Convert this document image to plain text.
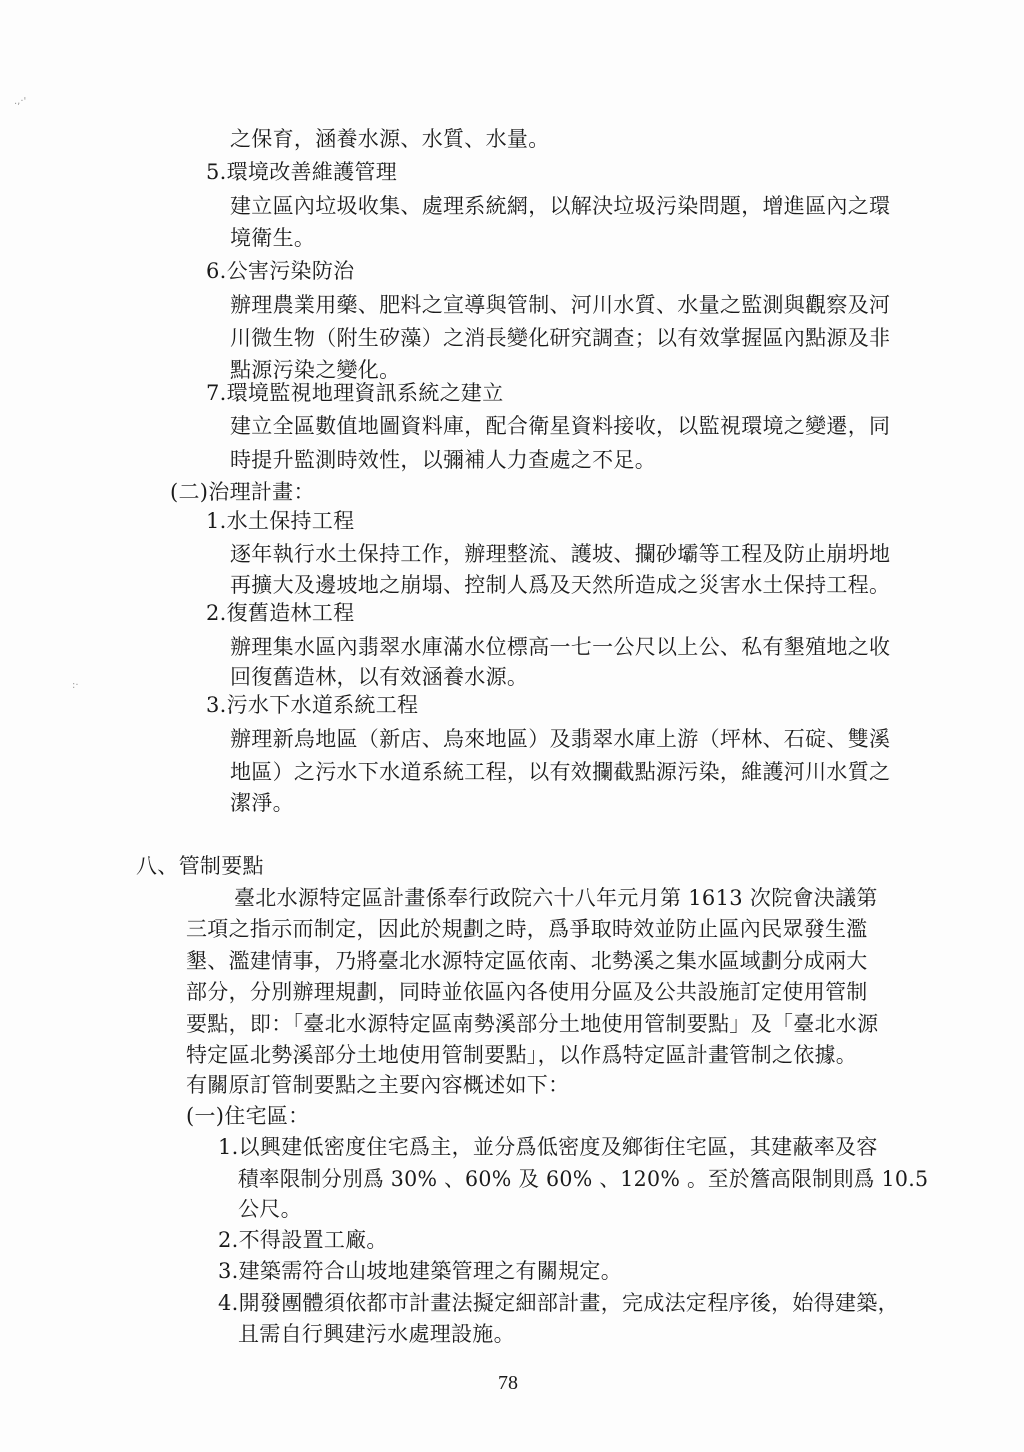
.,·'
:·
之保育，涵養水源、水質、水量。
5.環境改善維護管理
建立區內垃圾收集、處理系統網，以解決垃圾污染問題，增進區內之環
境衛生。
6.公害污染防治
辦理農業用藥、肥料之宣導與管制、河川水質、水量之監測與觀察及河
川微生物（附生矽藻）之消長變化研究調查；以有效掌握區內點源及非
點源污染之變化。
7.環境監視地理資訊系統之建立
建立全區數值地圖資料庫，配合衛星資料接收，以監視環境之變遷，同
時提升監測時效性，以彌補人力查處之不足。
(二)治理計畫：
1.水土保持工程
逐年執行水土保持工作，辦理整流、護坡、攔砂壩等工程及防止崩坍地
再擴大及邊坡地之崩塌、控制人爲及天然所造成之災害水土保持工程。
2.復舊造林工程
辦理集水區內翡翠水庫滿水位標高一七一公尺以上公、私有墾殖地之收
回復舊造林，以有效涵養水源。
3.污水下水道系統工程
辦理新烏地區（新店、烏來地區）及翡翠水庫上游（坪林、石碇、雙溪
地區）之污水下水道系統工程，以有效攔截點源污染，維護河川水質之
潔淨。
八、管制要點
臺北水源特定區計畫係奉行政院六十八年元月第 1613 次院會決議第
三項之指示而制定，因此於規劃之時，爲爭取時效並防止區內民眾發生濫
墾、濫建情事，乃將臺北水源特定區依南、北勢溪之集水區域劃分成兩大
部分，分別辦理規劃，同時並依區內各使用分區及公共設施訂定使用管制
要點，即：「臺北水源特定區南勢溪部分土地使用管制要點」及「臺北水源
特定區北勢溪部分土地使用管制要點」，以作爲特定區計畫管制之依據。
有關原訂管制要點之主要內容概述如下：
(一)住宅區：
1.以興建低密度住宅爲主，並分爲低密度及鄉街住宅區，其建蔽率及容
積率限制分別爲 30% 、60% 及 60% 、120% 。至於簷高限制則爲 10.5
公尺。
2.不得設置工廠。
3.建築需符合山坡地建築管理之有關規定。
4.開發團體須依都市計畫法擬定細部計畫，完成法定程序後，始得建築，
且需自行興建污水處理設施。
78
